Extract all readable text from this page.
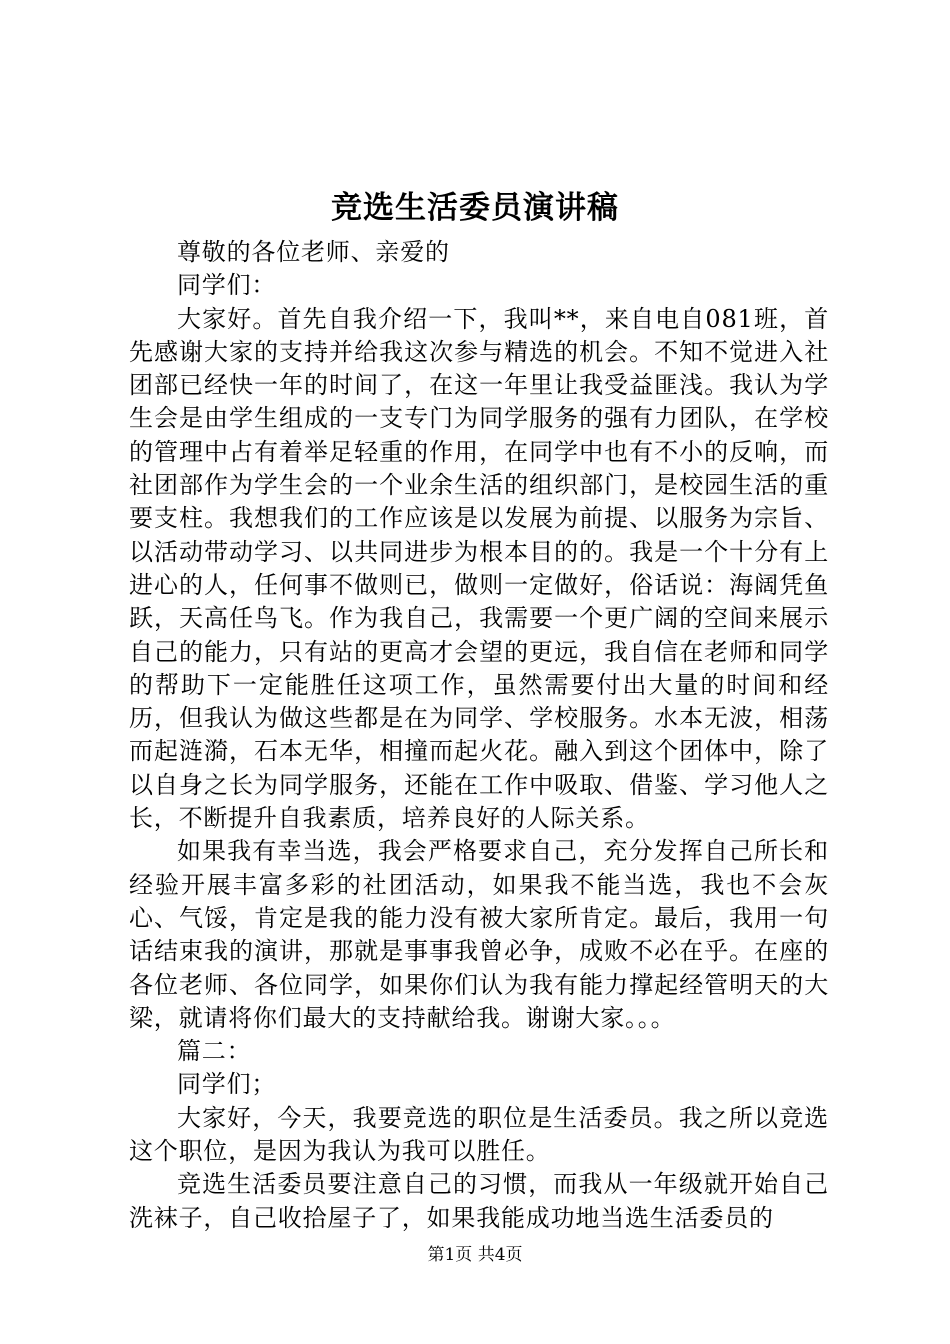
竞选生活委员演讲稿

尊敬的各位老师、亲爱的

同学们：

大家好。首先自我介绍一下，我叫**，来自电自081班，首先感谢大家的支持并给我这次参与精选的机会。不知不觉进入社团部已经快一年的时间了，在这一年里让我受益匪浅。我认为学生会是由学生组成的一支专门为同学服务的强有力团队，在学校的管理中占有着举足轻重的作用，在同学中也有不小的反响，而社团部作为学生会的一个业余生活的组织部门，是校园生活的重要支柱。我想我们的工作应该是以发展为前提、以服务为宗旨、以活动带动学习、以共同进步为根本目的的。我是一个十分有上进心的人，任何事不做则已，做则一定做好，俗话说：海阔凭鱼跃，天高任鸟飞。作为我自己，我需要一个更广阔的空间来展示自己的能力，只有站的更高才会望的更远，我自信在老师和同学的帮助下一定能胜任这项工作，虽然需要付出大量的时间和经历，但我认为做这些都是在为同学、学校服务。水本无波，相荡而起涟漪，石本无华，相撞而起火花。融入到这个团体中，除了以自身之长为同学服务，还能在工作中吸取、借鉴、学习他人之长，不断提升自我素质，培养良好的人际关系。

如果我有幸当选，我会严格要求自己，充分发挥自己所长和经验开展丰富多彩的社团活动，如果我不能当选，我也不会灰心、气馁，肯定是我的能力没有被大家所肯定。最后，我用一句话结束我的演讲，那就是事事我曾必争，成败不必在乎。在座的各位老师、各位同学，如果你们认为我有能力撑起经管明天的大梁，就请将你们最大的支持献给我。谢谢大家。。。

篇二：

同学们；

大家好，今天，我要竞选的职位是生活委员。我之所以竞选这个职位，是因为我认为我可以胜任。

竞选生活委员要注意自己的习惯，而我从一年级就开始自己洗袜子，自己收拾屋子了，如果我能成功地当选生活委员的

第1页 共4页
